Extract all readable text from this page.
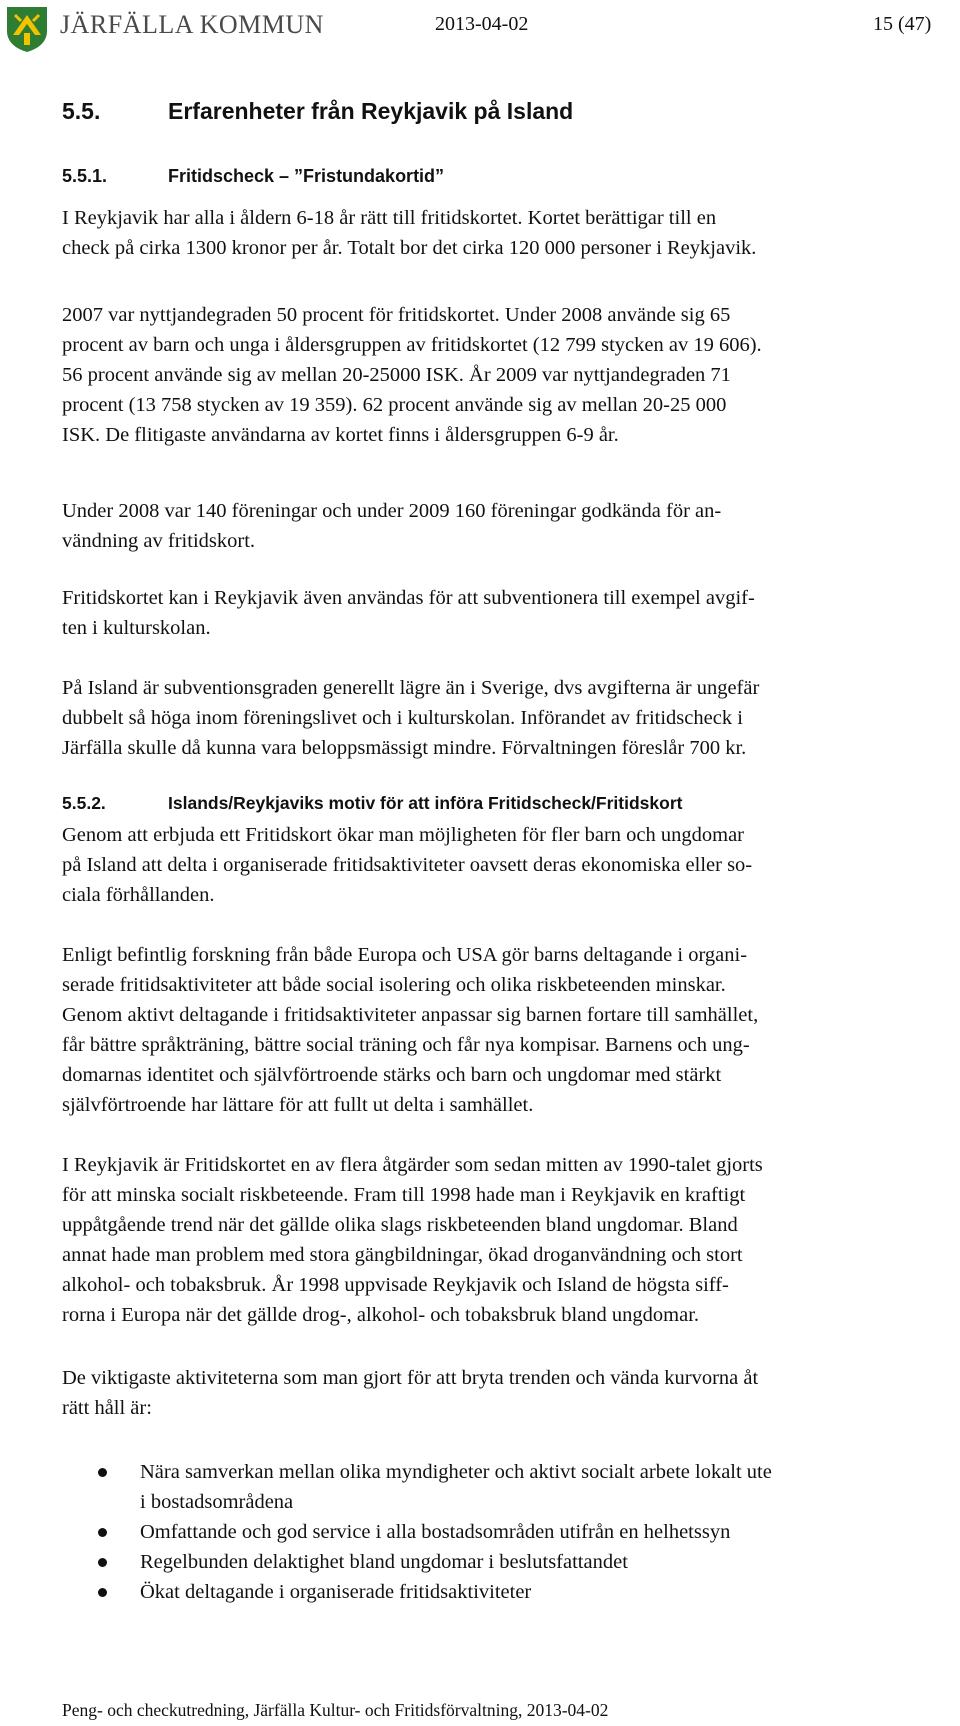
JÄRFÄLLA KOMMUN	2013-04-02	15 (47)
5.5.	Erfarenheter från Reykjavik på Island
5.5.1.	Fritidscheck – ”Fristundakortid”

I Reykjavik har alla i åldern 6-18 år rätt till fritidskortet. Kortet berättigar till en
check på cirka 1300 kronor per år. Totalt bor det cirka 120 000 personer i Reykjavik.

2007 var nyttjandegraden 50 procent för fritidskortet. Under 2008 använde sig 65
procent av barn och unga i åldersgruppen av fritidskortet (12 799 stycken av 19 606).
56 procent använde sig av mellan 20-25000 ISK. År 2009 var nyttjandegraden 71
procent (13 758 stycken av 19 359). 62 procent använde sig av mellan 20-25 000
ISK. De flitigaste användarna av kortet finns i åldersgruppen 6-9 år.

Under 2008 var 140 föreningar och under 2009 160 föreningar godkända för an-
vändning av fritidskort.

Fritidskortet kan i Reykjavik även användas för att subventionera till exempel avgif-
ten i kulturskolan.

På Island är subventionsgraden generellt lägre än i Sverige, dvs avgifterna är ungefär
dubbelt så höga inom föreningslivet och i kulturskolan. Införandet av fritidscheck i
Järfälla skulle då kunna vara beloppsmässigt mindre. Förvaltningen föreslår 700 kr.

5.5.2.	Islands/Reykjaviks motiv för att införa Fritidscheck/Fritidskort

Genom att erbjuda ett Fritidskort ökar man möjligheten för fler barn och ungdomar
på Island att delta i organiserade fritidsaktiviteter oavsett deras ekonomiska eller so-
ciala förhållanden.

Enligt befintlig forskning från både Europa och USA gör barns deltagande i organi-
serade fritidsaktiviteter att både social isolering och olika riskbeteenden minskar.
Genom aktivt deltagande i fritidsaktiviteter anpassar sig barnen fortare till samhället,
får bättre språkträning, bättre social träning och får nya kompisar. Barnens och ung-
domarnas identitet och självförtroende stärks och barn och ungdomar med stärkt
självförtroende har lättare för att fullt ut delta i samhället.

I Reykjavik är Fritidskortet en av flera åtgärder som sedan mitten av 1990-talet gjorts
för att minska socialt riskbeteende. Fram till 1998 hade man i Reykjavik en kraftigt
uppåtgående trend när det gällde olika slags riskbeteenden bland ungdomar. Bland
annat hade man problem med stora gängbildningar, ökad droganvändning och stort
alkohol- och tobaksbruk. År 1998 uppvisade Reykjavik och Island de högsta siff-
rorna i Europa när det gällde drog-, alkohol- och tobaksbruk bland ungdomar.

De viktigaste aktiviteterna som man gjort för att bryta trenden och vända kurvorna åt
rätt håll är:

Nära samverkan mellan olika myndigheter och aktivt socialt arbete lokalt ute
i bostadsområdena
Omfattande och god service i alla bostadsområden utifrån en helhetssyn
Regelbunden delaktighet bland ungdomar i beslutsfattandet
Ökat deltagande i organiserade fritidsaktiviteter
Peng- och checkutredning, Järfälla Kultur- och Fritidsförvaltning, 2013-04-02
